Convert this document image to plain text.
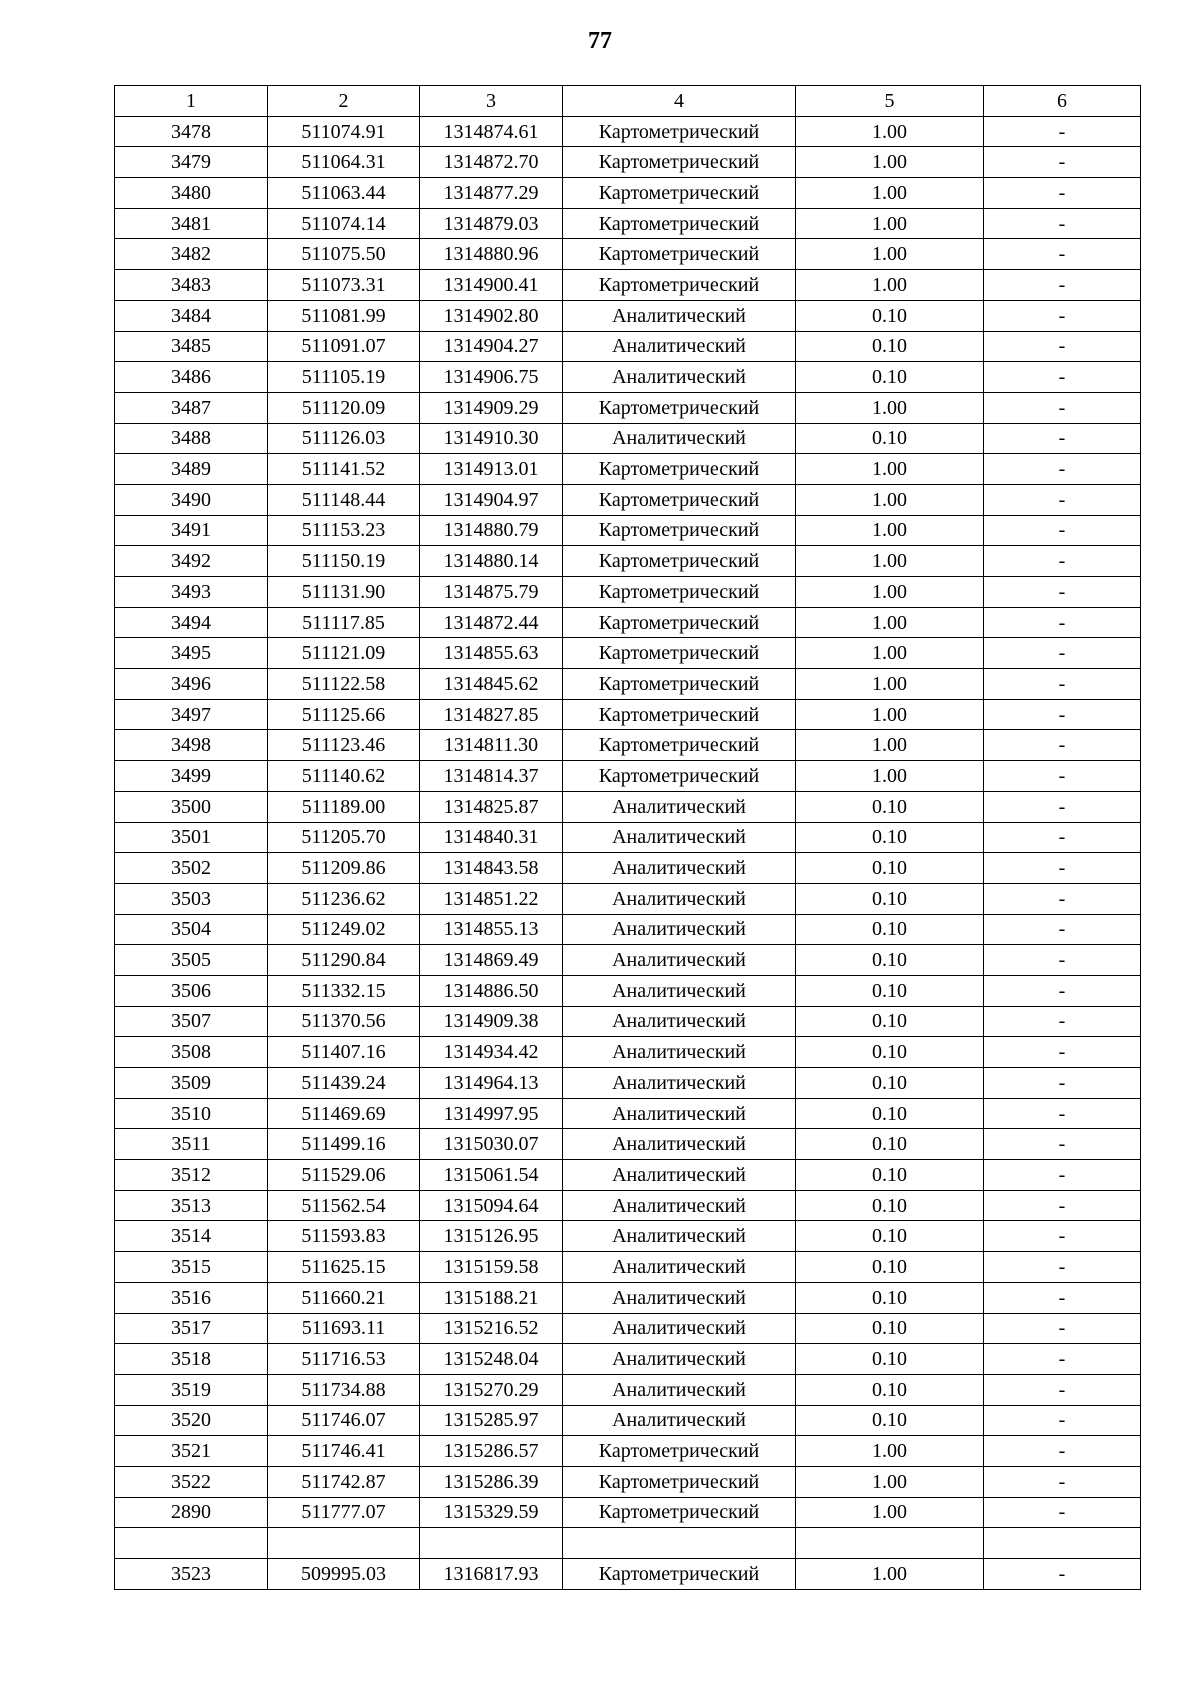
77
1	2	3	4	5	6
3478	511074.91	1314874.61	Картометрический	1.00	-
3479	511064.31	1314872.70	Картометрический	1.00	-
3480	511063.44	1314877.29	Картометрический	1.00	-
3481	511074.14	1314879.03	Картометрический	1.00	-
3482	511075.50	1314880.96	Картометрический	1.00	-
3483	511073.31	1314900.41	Картометрический	1.00	-
3484	511081.99	1314902.80	Аналитический	0.10	-
3485	511091.07	1314904.27	Аналитический	0.10	-
3486	511105.19	1314906.75	Аналитический	0.10	-
3487	511120.09	1314909.29	Картометрический	1.00	-
3488	511126.03	1314910.30	Аналитический	0.10	-
3489	511141.52	1314913.01	Картометрический	1.00	-
3490	511148.44	1314904.97	Картометрический	1.00	-
3491	511153.23	1314880.79	Картометрический	1.00	-
3492	511150.19	1314880.14	Картометрический	1.00	-
3493	511131.90	1314875.79	Картометрический	1.00	-
3494	511117.85	1314872.44	Картометрический	1.00	-
3495	511121.09	1314855.63	Картометрический	1.00	-
3496	511122.58	1314845.62	Картометрический	1.00	-
3497	511125.66	1314827.85	Картометрический	1.00	-
3498	511123.46	1314811.30	Картометрический	1.00	-
3499	511140.62	1314814.37	Картометрический	1.00	-
3500	511189.00	1314825.87	Аналитический	0.10	-
3501	511205.70	1314840.31	Аналитический	0.10	-
3502	511209.86	1314843.58	Аналитический	0.10	-
3503	511236.62	1314851.22	Аналитический	0.10	-
3504	511249.02	1314855.13	Аналитический	0.10	-
3505	511290.84	1314869.49	Аналитический	0.10	-
3506	511332.15	1314886.50	Аналитический	0.10	-
3507	511370.56	1314909.38	Аналитический	0.10	-
3508	511407.16	1314934.42	Аналитический	0.10	-
3509	511439.24	1314964.13	Аналитический	0.10	-
3510	511469.69	1314997.95	Аналитический	0.10	-
3511	511499.16	1315030.07	Аналитический	0.10	-
3512	511529.06	1315061.54	Аналитический	0.10	-
3513	511562.54	1315094.64	Аналитический	0.10	-
3514	511593.83	1315126.95	Аналитический	0.10	-
3515	511625.15	1315159.58	Аналитический	0.10	-
3516	511660.21	1315188.21	Аналитический	0.10	-
3517	511693.11	1315216.52	Аналитический	0.10	-
3518	511716.53	1315248.04	Аналитический	0.10	-
3519	511734.88	1315270.29	Аналитический	0.10	-
3520	511746.07	1315285.97	Аналитический	0.10	-
3521	511746.41	1315286.57	Картометрический	1.00	-
3522	511742.87	1315286.39	Картометрический	1.00	-
2890	511777.07	1315329.59	Картометрический	1.00	-

3523	509995.03	1316817.93	Картометрический	1.00	-
